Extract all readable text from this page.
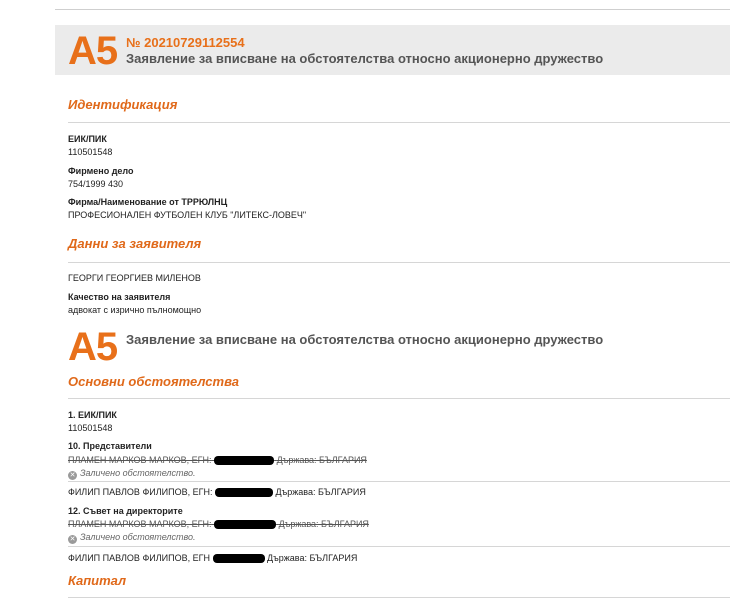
А5 № 20210729112554
Заявление за вписване на обстоятелства относно акционерно дружество
Идентификация
ЕИК/ПИК
110501548
Фирмено дело
754/1999 430
Фирма/Наименование от ТРРЮЛНЦ
ПРОФЕСИОНАЛЕН ФУТБОЛЕН КЛУБ "ЛИТЕКС-ЛОВЕЧ"
Данни за заявителя
ГЕОРГИ ГЕОРГИЕВ МИЛЕНОВ
Качество на заявителя
адвокат с изрично пълномощно
А5 Заявление за вписване на обстоятелства относно акционерно дружество
Основни обстоятелства
1. ЕИК/ПИК
110501548
10. Представители
ПЛАМЕН МАРКОВ МАРКОВ, ЕГН:	Държава: БЪЛГАРИЯ
✕ Заличено обстоятелство.
ФИЛИП ПАВЛОВ ФИЛИПОВ, ЕГН:	Държава: БЪЛГАРИЯ
12. Съвет на директорите
ПЛАМЕН МАРКОВ МАРКОВ, ЕГН:	Държава: БЪЛГАРИЯ
✕ Заличено обстоятелство.
ФИЛИП ПАВЛОВ ФИЛИПОВ, ЕГН	Държава: БЪЛГАРИЯ
Капитал
